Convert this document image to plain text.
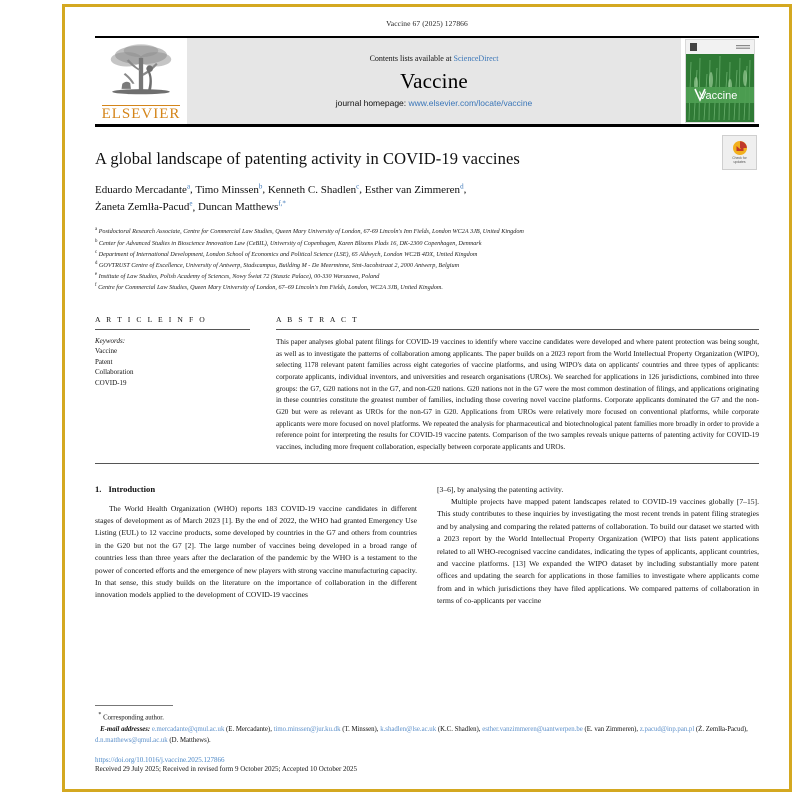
Vaccine 67 (2025) 127866
ELSEVIER
Contents lists available at ScienceDirect
Vaccine
journal homepage: www.elsevier.com/locate/vaccine
Vaccine
Check for
updates
A global landscape of patenting activity in COVID-19 vaccines
Eduardo Mercadante$^a$, Timo Minssen$^b$, Kenneth C. Shadlen$^c$, Esther van Zimmeren$^d$,
Żaneta Zemlła-Pacud$^e$, Duncan Matthews$^{f,*}$
$^a$ Postdoctoral Research Associate, Centre for Commercial Law Studies, Queen Mary University of London, 67-69 Lincoln's Inn Fields, London WC2A 3JB, United Kingdom
$^b$ Center for Advanced Studies in Bioscience Innovation Law (CeBIL), University of Copenhagen, Karen Blixens Plads 16, DK-2300 Copenhagen, Denmark
$^c$ Department of International Development, London School of Economics and Political Science (LSE), 65 Aldwych, London WC2B 4DX, United Kingdom
$^d$ GOVTRUST Centre of Excellence, University of Antwerp, Stadscampus, Building M - De Meerminne, Sint-Jacobstraat 2, 2000 Antwerp, Belgium
$^e$ Institute of Law Studies, Polish Academy of Sciences, Nowy Świat 72 (Staszic Palace), 00-330 Warszawa, Poland
$^f$ Centre for Commercial Law Studies, Queen Mary University of London, 67–69 Lincoln's Inn Fields, London, WC2A 3JB, United Kingdom.
A R T I C L E I N F O
Keywords:
Vaccine
Patent
Collaboration
COVID-19
A B S T R A C T
This paper analyses global patent filings for COVID-19 vaccines to identify where vaccine candidates were developed and where patent protection was being sought, as well as to investigate the patterns of collaboration among applicants. The paper builds on a 2023 report from the World Intellectual Property Organization (WIPO), selecting 1178 relevant patent families across eight categories of vaccine platforms, and using WIPO's data on applicants' countries and three types of applicants: corporate applicants, individual inventors, and universities and research organisations (UROs). We searched for applications in 126 jurisdictions, combined into three groups: the G7, G20 nations not in the G7, and non-G20 nations. G20 nations not in the G7 were the most common destination of filings, and applications originating in these countries constitute the greatest number of families, including those covering novel vaccine platforms. Corporate applicants dominated the G7 and the non-G20 but were as relevant as UROs for the non-G7 in G20. Applications from UROs were relatively more focused on conventional platforms, while corporate applicants were more focused on novel platforms. We repeated the analysis for pharmaceutical and biotechnological patent families more broadly in order to provide a reference point for interpreting the results for COVID-19 vaccine patents. Comparison of the two samples reveals unique patterns of patenting activity for COVID-19 vaccines, including more frequent collaboration, especially between corporate applicants and UROs.
1. Introduction

The World Health Organization (WHO) reports 183 COVID-19 vaccine candidates in different stages of development as of March 2023 [1]. By the end of 2022, the WHO had granted Emergency Use Listing (EUL) to 12 vaccine products, some developed by countries in the G7 and others from countries in the G20 but not the G7 [2]. The large number of vaccines being developed in a broad range of countries less than three years after the declaration of the pandemic by the WHO is a testament to the power of concerted efforts and the emergence of new players with strong vaccine manufacturing capacity. In that sense, this study builds on the literature on the importance of collaboration in the different innovation models applied to the development of COVID-19 vaccines

[3–6], by analysing the patenting activity.

Multiple projects have mapped patent landscapes related to COVID-19 vaccines globally [7–15]. This study contributes to these inquiries by investigating the most recent trends in patent filing strategies and by analysing and comparing the related patterns of collaboration. To build our dataset we started with a 2023 report by the World Intellectual Property Organization (WIPO) that lists patent applications related to all WHO-recognised vaccine candidates, indicating the types of applicants, applicant countries, and vaccine platforms. [13] We expanded the WIPO dataset by including substantially more patent offices and updating the search for applications in those families to investigate where applicants come from and in which jurisdictions they have filed applications. We compared patterns of collaboration in terms of co-applicants per vaccine

* Corresponding author.
E-mail addresses: e.mercadante@qmul.ac.uk (E. Mercadante), timo.minssen@jur.ku.dk (T. Minssen), k.shadlen@lse.ac.uk (K.C. Shadlen), esther.vanzimmeren@uantwerpen.be (E. van Zimmeren), z.pacud@inp.pan.pl (Ż. Zemlła-Pacud), d.n.matthews@qmul.ac.uk (D. Matthews).
https://doi.org/10.1016/j.vaccine.2025.127866
Received 29 July 2025; Received in revised form 9 October 2025; Accepted 10 October 2025
